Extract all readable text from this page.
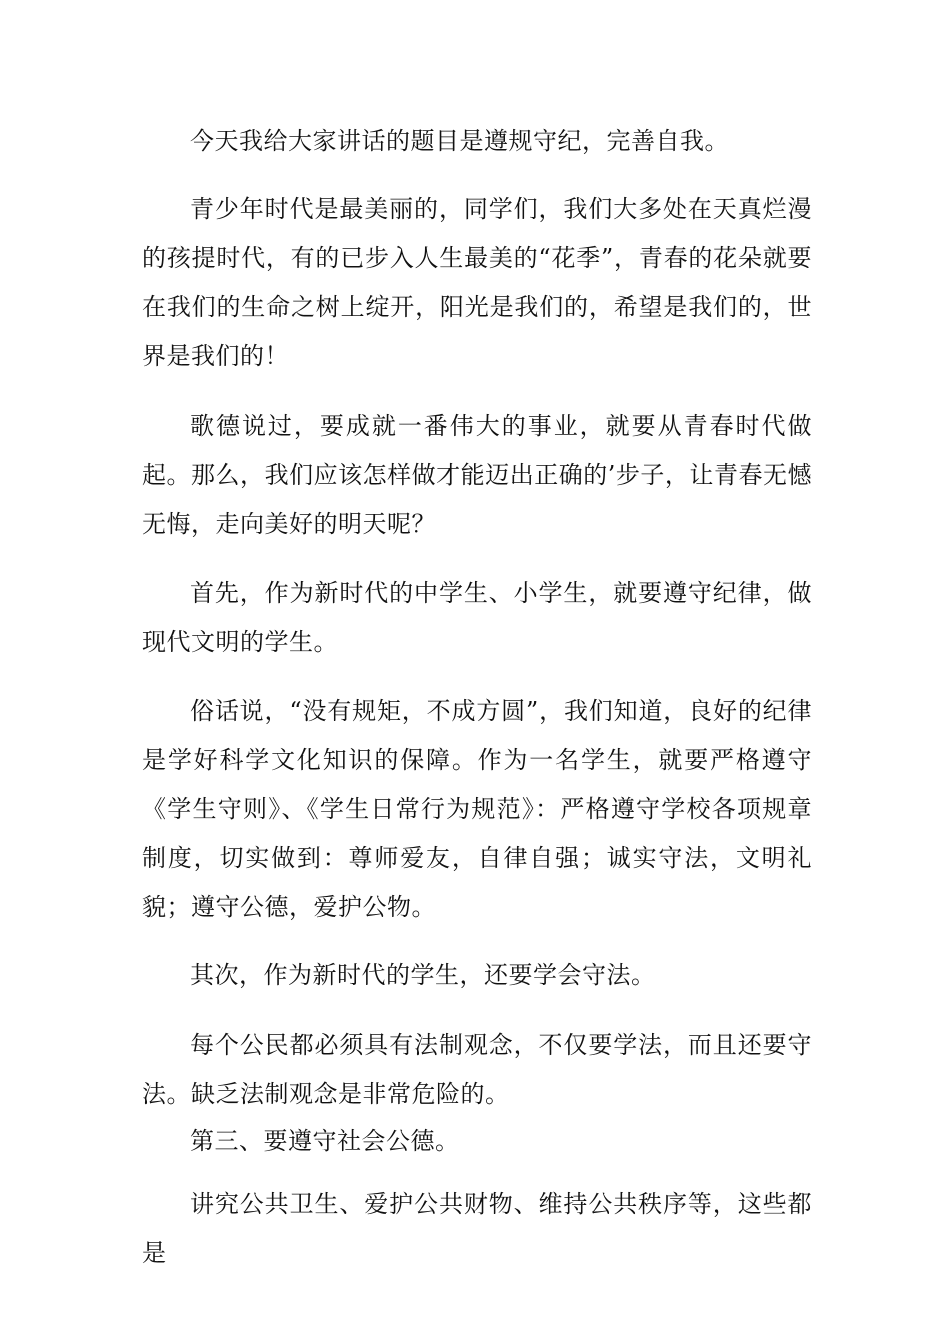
今天我给大家讲话的题目是遵规守纪，完善自我。

青少年时代是最美丽的，同学们，我们大多处在天真烂漫的孩提时代，有的已步入人生最美的“花季”，青春的花朵就要在我们的生命之树上绽开，阳光是我们的，希望是我们的，世界是我们的！

歌德说过，要成就一番伟大的事业，就要从青春时代做起。那么，我们应该怎样做才能迈出正确的’步子，让青春无憾无悔，走向美好的明天呢？

首先，作为新时代的中学生、小学生，就要遵守纪律，做现代文明的学生。

俗话说，“没有规矩，不成方圆”，我们知道，良好的纪律是学好科学文化知识的保障。作为一名学生，就要严格遵守《学生守则》、《学生日常行为规范》：严格遵守学校各项规章制度，切实做到：尊师爱友，自律自强；诚实守法，文明礼貌；遵守公德，爱护公物。

其次，作为新时代的学生，还要学会守法。

每个公民都必须具有法制观念，不仅要学法，而且还要守法。缺乏法制观念是非常危险的。

第三、要遵守社会公德。

讲究公共卫生、爱护公共财物、维持公共秩序等，这些都是
